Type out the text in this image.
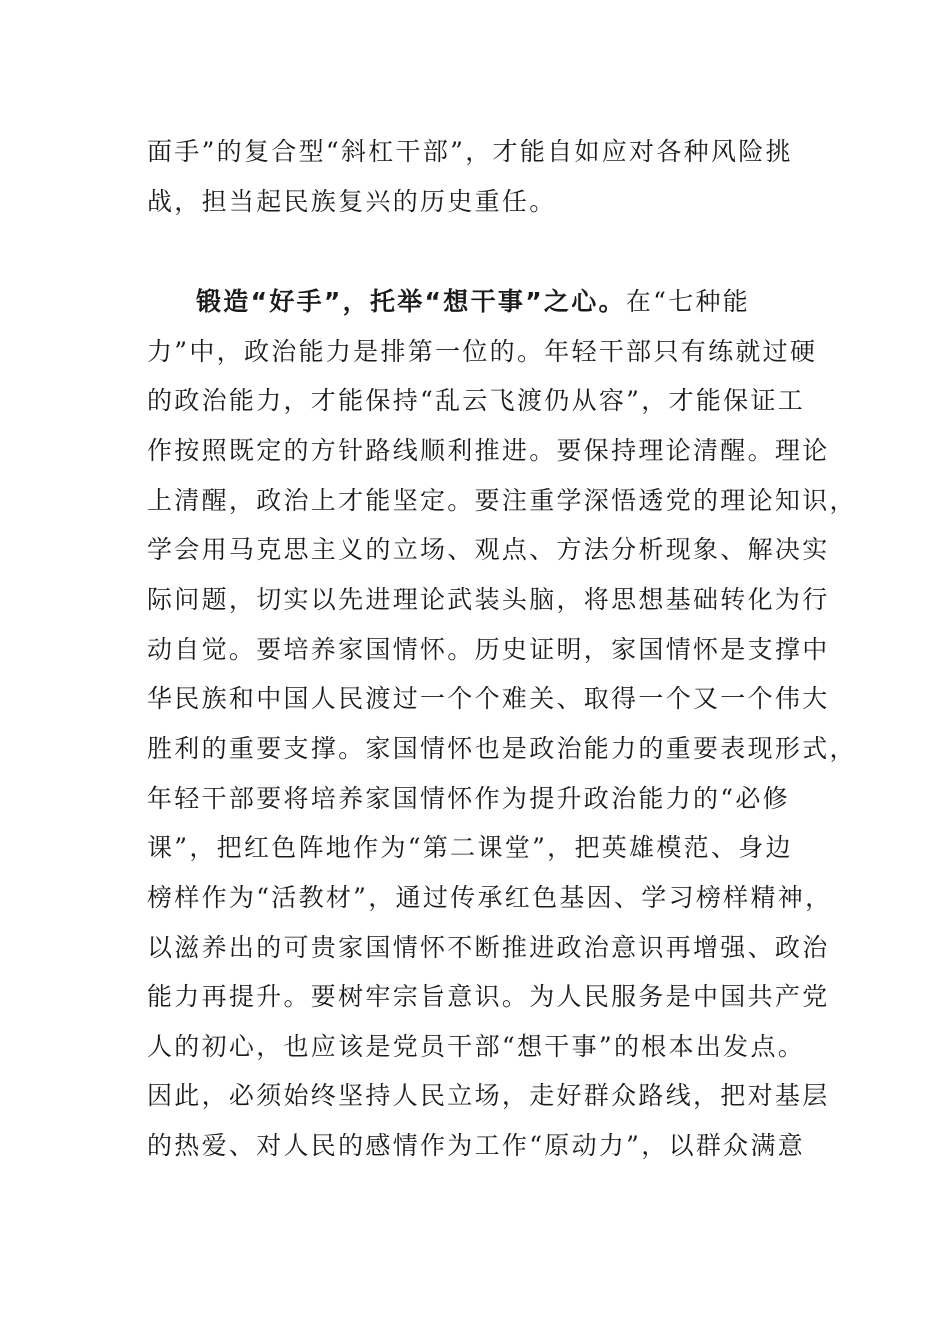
面手”的复合型“斜杠干部”，才能自如应对各种风险挑
战，担当起民族复兴的历史重任。
锻造“好手”，托举“想干事”之心。在“七种能
力”中，政治能力是排第一位的。年轻干部只有练就过硬
的政治能力，才能保持“乱云飞渡仍从容”，才能保证工
作按照既定的方针路线顺利推进。要保持理论清醒。理论
上清醒，政治上才能坚定。要注重学深悟透党的理论知识，
学会用马克思主义的立场、观点、方法分析现象、解决实
际问题，切实以先进理论武装头脑，将思想基础转化为行
动自觉。要培养家国情怀。历史证明，家国情怀是支撑中
华民族和中国人民渡过一个个难关、取得一个又一个伟大
胜利的重要支撑。家国情怀也是政治能力的重要表现形式，
年轻干部要将培养家国情怀作为提升政治能力的“必修
课”，把红色阵地作为“第二课堂”，把英雄模范、身边
榜样作为“活教材”，通过传承红色基因、学习榜样精神，
以滋养出的可贵家国情怀不断推进政治意识再增强、政治
能力再提升。要树牢宗旨意识。为人民服务是中国共产党
人的初心，也应该是党员干部“想干事”的根本出发点。
因此，必须始终坚持人民立场，走好群众路线，把对基层
的热爱、对人民的感情作为工作“原动力”，以群众满意
